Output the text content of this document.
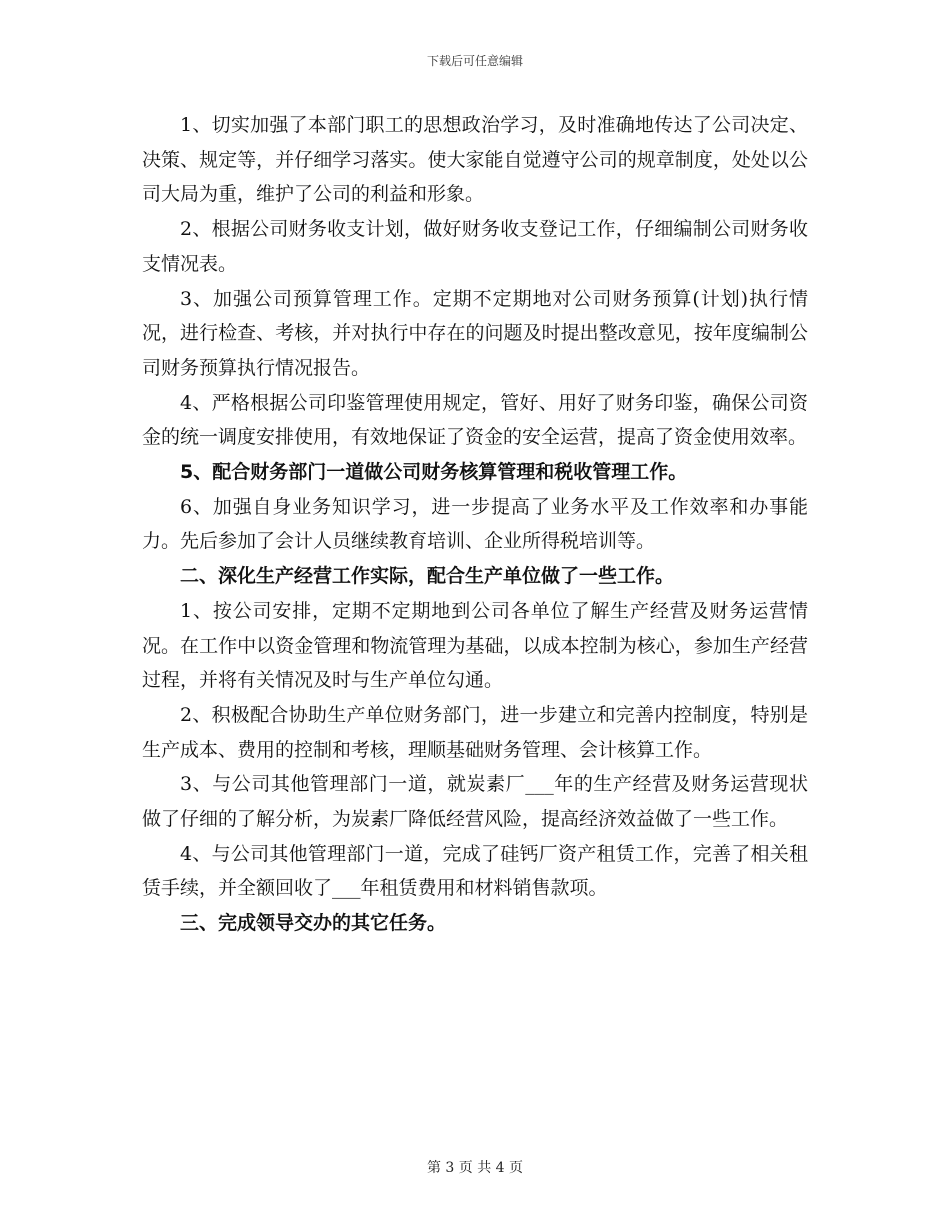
下载后可任意编辑

1、切实加强了本部门职工的思想政治学习，及时准确地传达了公司决定、决策、规定等，并仔细学习落实。使大家能自觉遵守公司的规章制度，处处以公司大局为重，维护了公司的利益和形象。

2、根据公司财务收支计划，做好财务收支登记工作，仔细编制公司财务收支情况表。

3、加强公司预算管理工作。定期不定期地对公司财务预算(计划)执行情况，进行检查、考核，并对执行中存在的问题及时提出整改意见，按年度编制公司财务预算执行情况报告。

4、严格根据公司印鉴管理使用规定，管好、用好了财务印鉴，确保公司资金的统一调度安排使用，有效地保证了资金的安全运营，提高了资金使用效率。

5、配合财务部门一道做公司财务核算管理和税收管理工作。

6、加强自身业务知识学习，进一步提高了业务水平及工作效率和办事能力。先后参加了会计人员继续教育培训、企业所得税培训等。

二、深化生产经营工作实际，配合生产单位做了一些工作。

1、按公司安排，定期不定期地到公司各单位了解生产经营及财务运营情况。在工作中以资金管理和物流管理为基础，以成本控制为核心，参加生产经营过程，并将有关情况及时与生产单位勾通。

2、积极配合协助生产单位财务部门，进一步建立和完善内控制度，特别是生产成本、费用的控制和考核，理顺基础财务管理、会计核算工作。

3、与公司其他管理部门一道，就炭素厂___年的生产经营及财务运营现状做了仔细的了解分析，为炭素厂降低经营风险，提高经济效益做了一些工作。

4、与公司其他管理部门一道，完成了硅钙厂资产租赁工作，完善了相关租赁手续，并全额回收了___年租赁费用和材料销售款项。

三、完成领导交办的其它任务。

第 3 页 共 4 页
